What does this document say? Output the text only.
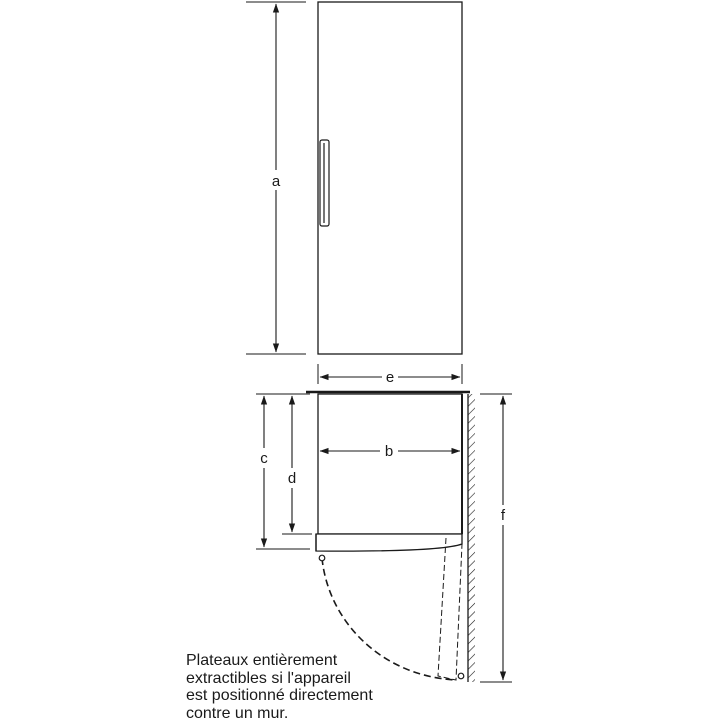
a
e
b
c
d
f
Plateaux entièrement
extractibles si l'appareil
est positionné directement
contre un mur.
